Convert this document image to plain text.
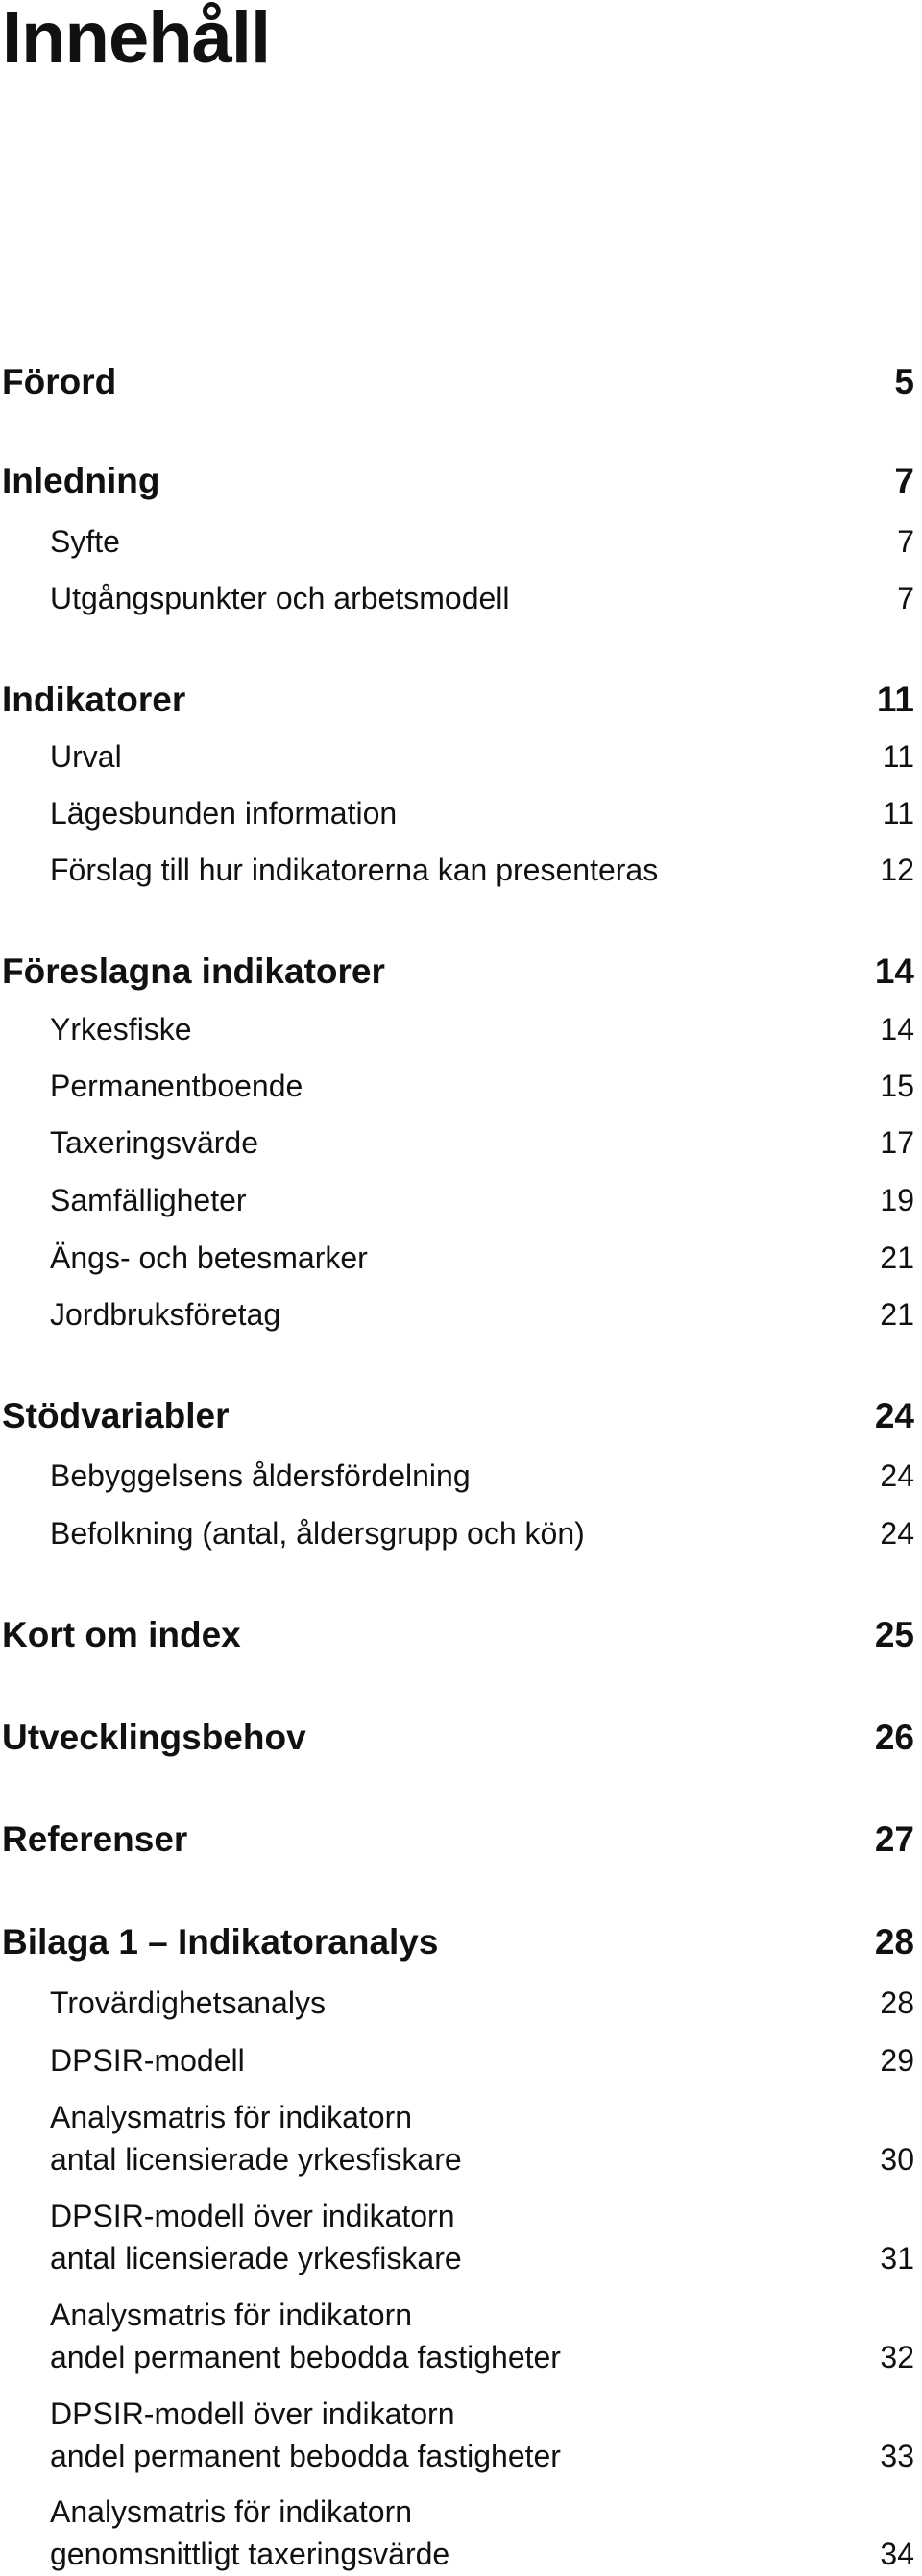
Innehåll
Förord	5
Inledning	7
Syfte	7
Utgångspunkter och arbetsmodell	7
Indikatorer	11
Urval	11
Lägesbunden information	11
Förslag till hur indikatorerna kan presenteras	12
Föreslagna indikatorer	14
Yrkesfiske	14
Permanentboende	15
Taxeringsvärde	17
Samfälligheter	19
Ängs- och betesmarker	21
Jordbruksföretag	21
Stödvariabler	24
Bebyggelsens åldersfördelning	24
Befolkning (antal, åldersgrupp och kön)	24
Kort om index	25
Utvecklingsbehov	26
Referenser	27
Bilaga 1 – Indikatoranalys	28
Trovärdighetsanalys	28
DPSIR-modell	29
Analysmatris för indikatorn
antal licensierade yrkesfiskare	30
DPSIR-modell över indikatorn
antal licensierade yrkesfiskare	31
Analysmatris för indikatorn
andel permanent bebodda fastigheter	32
DPSIR-modell över indikatorn
andel permanent bebodda fastigheter	33
Analysmatris för indikatorn
genomsnittligt taxeringsvärde	34
